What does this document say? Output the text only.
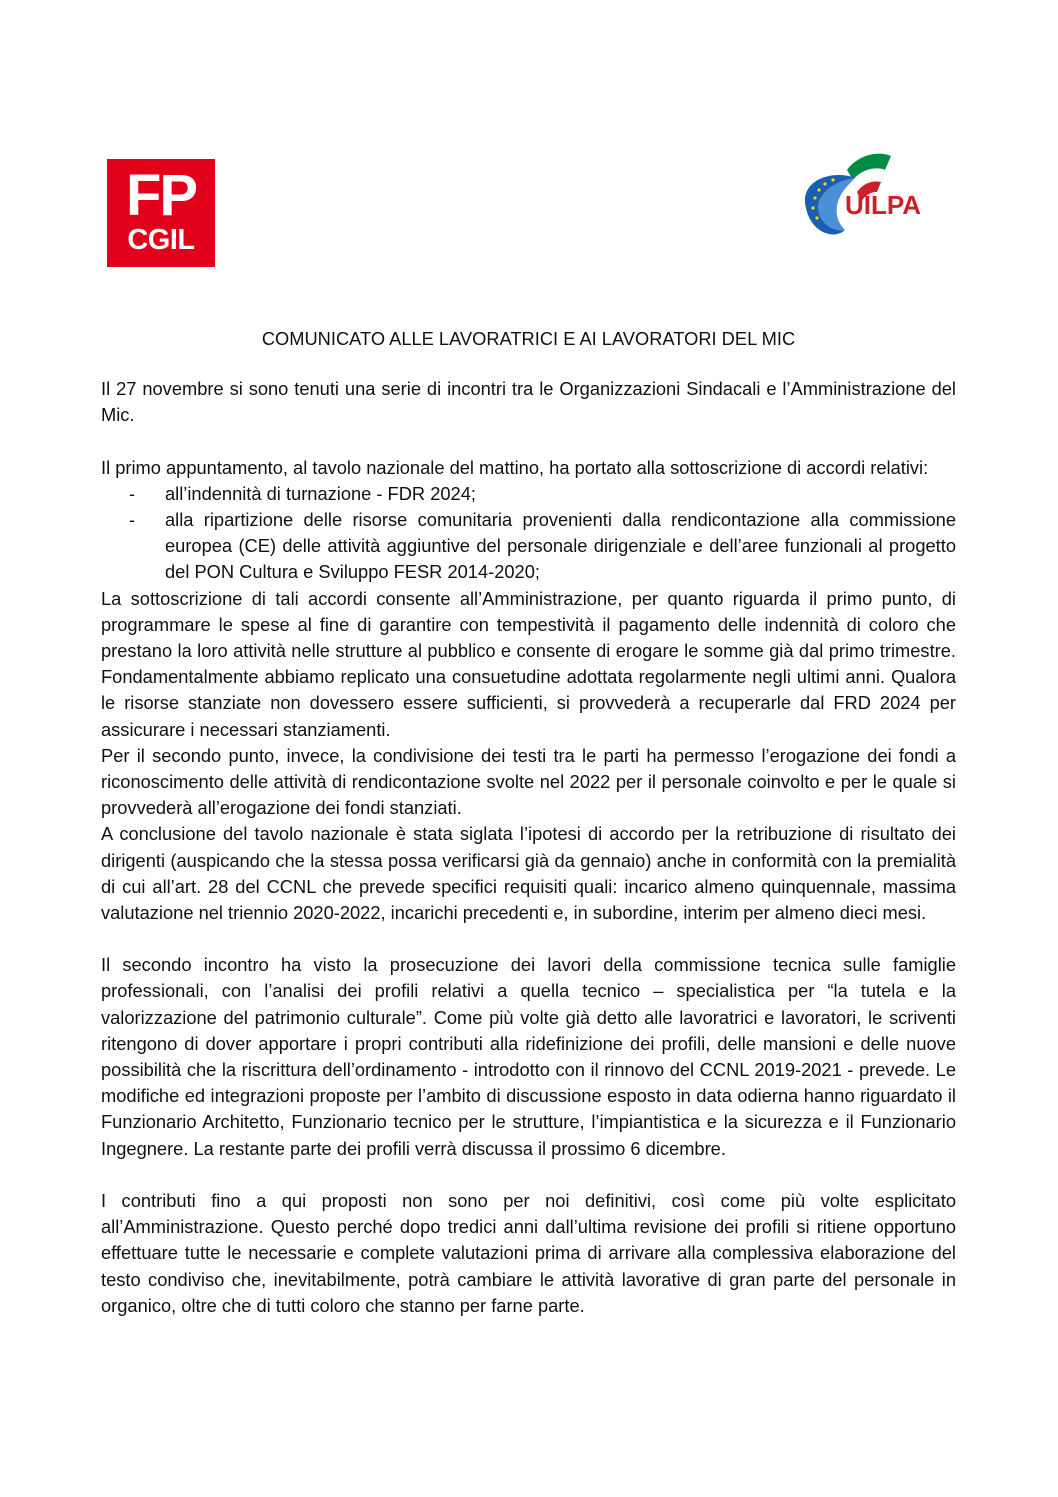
FP
CGIL
UILPA
COMUNICATO ALLE LAVORATRICI E AI LAVORATORI DEL MIC

Il 27 novembre si sono tenuti una serie di incontri tra le Organizzazioni Sindacali e l’Amministrazione del Mic.

Il primo appuntamento, al tavolo nazionale del mattino, ha portato alla sottoscrizione di accordi relativi:

- all’indennità di turnazione - FDR 2024;
- alla ripartizione delle risorse comunitaria provenienti dalla rendicontazione alla commissione europea (CE) delle attività aggiuntive del personale dirigenziale e dell’aree funzionali al progetto del PON Cultura e Sviluppo FESR 2014-2020;

La sottoscrizione di tali accordi consente all’Amministrazione, per quanto riguarda il primo punto, di programmare le spese al fine di garantire con tempestività il pagamento delle indennità di coloro che prestano la loro attività nelle strutture al pubblico e consente di erogare le somme già dal primo trimestre. Fondamentalmente abbiamo replicato una consuetudine adottata regolarmente negli ultimi anni. Qualora le risorse stanziate non dovessero essere sufficienti, si provvederà a recuperarle dal FRD 2024 per assicurare i necessari stanziamenti.

Per il secondo punto, invece, la condivisione dei testi tra le parti ha permesso l’erogazione dei fondi a riconoscimento delle attività di rendicontazione svolte nel 2022 per il personale coinvolto e per le quale si provvederà all’erogazione dei fondi stanziati.

A conclusione del tavolo nazionale è stata siglata l’ipotesi di accordo per la retribuzione di risultato dei dirigenti (auspicando che la stessa possa verificarsi già da gennaio) anche in conformità con la premialità di cui all’art. 28 del CCNL che prevede specifici requisiti quali: incarico almeno quinquennale, massima valutazione nel triennio 2020-2022, incarichi precedenti e, in subordine, interim per almeno dieci mesi.

Il secondo incontro ha visto la prosecuzione dei lavori della commissione tecnica sulle famiglie professionali, con l’analisi dei profili relativi a quella tecnico – specialistica per “la tutela e la valorizzazione del patrimonio culturale”. Come più volte già detto alle lavoratrici e lavoratori, le scriventi ritengono di dover apportare i propri contributi alla ridefinizione dei profili, delle mansioni e delle nuove possibilità che la riscrittura dell’ordinamento - introdotto con il rinnovo del CCNL 2019-2021 - prevede. Le modifiche ed integrazioni proposte per l’ambito di discussione esposto in data odierna hanno riguardato il Funzionario Architetto, Funzionario tecnico per le strutture, l’impiantistica e la sicurezza e il Funzionario Ingegnere. La restante parte dei profili verrà discussa il prossimo 6 dicembre.

I contributi fino a qui proposti non sono per noi definitivi, così come più volte esplicitato all’Amministrazione. Questo perché dopo tredici anni dall’ultima revisione dei profili si ritiene opportuno effettuare tutte le necessarie e complete valutazioni prima di arrivare alla complessiva elaborazione del testo condiviso che, inevitabilmente, potrà cambiare le attività lavorative di gran parte del personale in organico, oltre che di tutti coloro che stanno per farne parte.
